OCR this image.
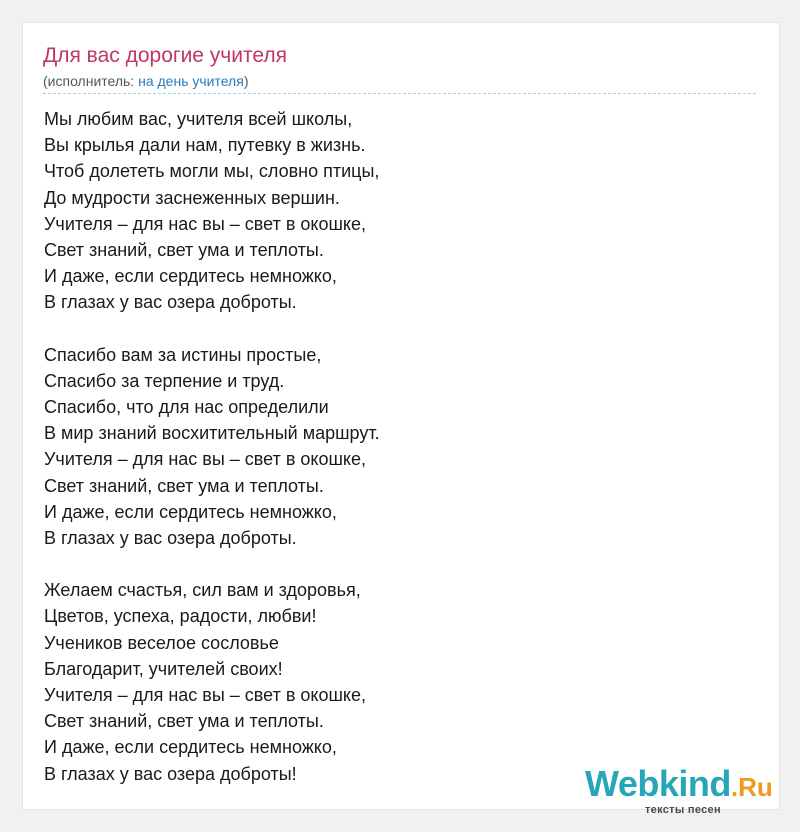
Для вас дорогие учителя
(исполнитель: на день учителя)
Мы любим вас, учителя всей школы,
Вы крылья дали нам, путевку в жизнь.
Чтоб долететь могли мы, словно птицы,
До мудрости заснеженных вершин.
Учителя – для нас вы – свет в окошке,
Свет знаний, свет ума и теплоты.
И даже, если сердитесь немножко,
В глазах у вас озера доброты.
Спасибо вам за истины простые,
Спасибо за терпение и труд.
Спасибо, что для нас определили
В мир знаний восхитительный маршрут.
Учителя – для нас вы – свет в окошке,
Свет знаний, свет ума и теплоты.
И даже, если сердитесь немножко,
В глазах у вас озера доброты.
Желаем счастья, сил вам и здоровья,
Цветов, успеха, радости, любви!
Учеников веселое сословье
Благодарит, учителей своих!
Учителя – для нас вы – свет в окошке,
Свет знаний, свет ума и теплоты.
И даже, если сердитесь немножко,
В глазах у вас озера доброты!	Webkind.Ru
тексты песен
